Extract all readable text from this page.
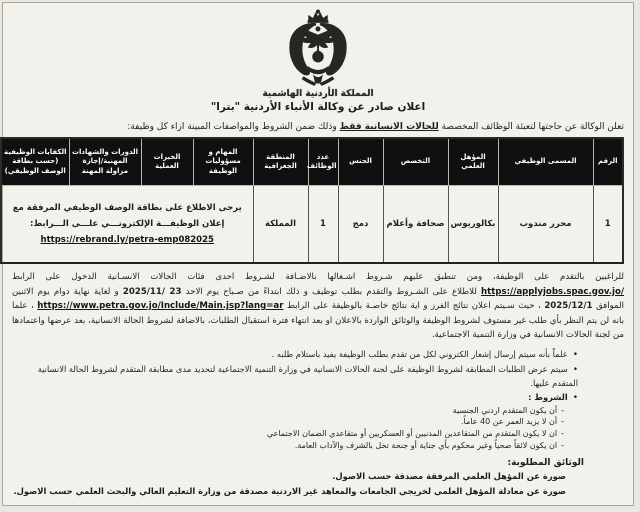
المملكة الأردنية الهاشمية
اعلان صادر عن وكالة الأنباء الأردنية "بترا"
تعلن الوكالة عن حاجتها لتعبئة الوظائف المخصصة للحالات الانسانية فقط وذلك ضمن الشروط والمواصفات المبينة ازاء كل وظيفة:
الرقم	المسمى الوظيفي	المؤهل العلمي	التخصص	الجنس	عدد الوظائف	المنطقة الجغرافية	المهام و مسؤوليات الوظيفة	الخبرات العملية	الدورات والشهادات المهنية/إجازة مزاولة المهنة	الكفايات الوظيفية (حسب بطاقة الوصف الوظيفي)
1	محرر مندوب	بكالوريوس	صحافة وأعلام	دمج	1	المملكة	يرجى الاطلاع على بطاقة الوصف الوظيفي المرفقة مع إعلان الوظيفـــة الإلكترونـــي علـــى الـــرابط:
https://rebrand.ly/petra-emp082025			
للراغبين بالتقدم على الوظيفة، ومن تنطبق عليهم شـروط اشـغالها بالاضـافة لشـروط احدى فئات الحالات الانسـانية الدخول على الرابط https://applyjobs.spac.gov.jo/ للاطلاع على الشـروط والتقدم بطلب توظيف و ذلك ابتداءً من صـباح يوم الاحد 2025/11/ 23 و لغاية نهاية دوام يوم الاثنين الموافق 2025/12/1 ، حيث سـيتم اعلان نتائج الفرز و اية نتائج خاصـة بالوظيفة على الرابط https://www.petra.gov.jo/Include/Main.jsp?lang=ar ، علما بانه لن يتم النظر بأي طلب غير مستوف لشروط الوظيفة والوثائق الواردة بالاعلان او بعد انتهاء فترة استقبال الطلبات، بالاضافة لشروط الحالة الانسانية، بعد عرضها واعتمادها من لجنة الحالات الانسانية في وزارة التنمية الاجتماعية.
•علماً بأنه سيتم إرسال إشعار الكتروني لكل من تقدم بطلب الوظيفة يفيد باستلام طلبه .
•سيتم عرض الطلبات المطابقة لشروط الوظيفة على لجنة الحالات الانسانية في وزارة التنمية الاجتماعية لتحديد مدى مطابقة المتقدم لشروط الحالة الانسانية المتقدم عليها.
•الشروط :
-أن يكون المتقدم اردني الجنسية
-أن لا يزيد العمر عن 40 عاماً.
-ان لا يكون المتقدم من المتقاعدين المدنيين أو العسكريين أو متقاعدي الضمان الاجتماعي
-ان يكون لائقاً صحياً وغير محكوم بأي جناية أو جنحة تخل بالشرف والآداب العامة.
الوثائق المطلوبة:
صورة عن المؤهل العلمي المرفقة مصدقة حسب الاصول.
صورة عن معادلة المؤهل العلمي لخريجي الجامعات والمعاهد غير الاردنية مصدقة من وزارة التعليم العالي والبحث العلمي حسب الاصول.
